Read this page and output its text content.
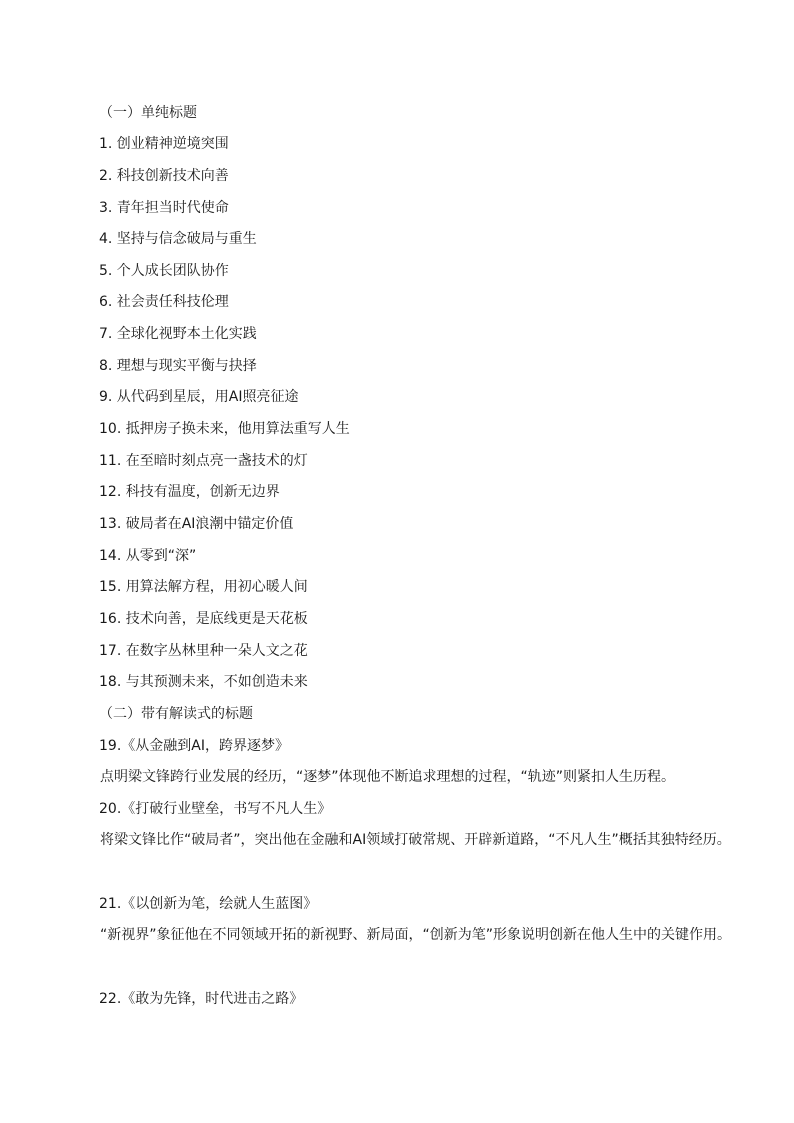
（一）单纯标题
1. 创业精神逆境突围
2. 科技创新技术向善
3. 青年担当时代使命
4. 坚持与信念破局与重生
5. 个人成长团队协作
6. 社会责任科技伦理
7. 全球化视野本土化实践
8. 理想与现实平衡与抉择
9. 从代码到星辰，用AI照亮征途
10. 抵押房子换未来，他用算法重写人生
11. 在至暗时刻点亮一盏技术的灯
12. 科技有温度，创新无边界
13. 破局者在AI浪潮中锚定价值
14. 从零到“深”
15. 用算法解方程，用初心暖人间
16. 技术向善，是底线更是天花板
17. 在数字丛林里种一朵人文之花
18. 与其预测未来，不如创造未来
（二）带有解读式的标题
19.《从金融到AI，跨界逐梦》
点明梁文锋跨行业发展的经历，“逐梦”体现他不断追求理想的过程，“轨迹”则紧扣人生历程。
20.《打破行业壁垒，书写不凡人生》
将梁文锋比作“破局者”，突出他在金融和AI领域打破常规、开辟新道路，“不凡人生”概括其独特经历。
21.《以创新为笔，绘就人生蓝图》
“新视界”象征他在不同领域开拓的新视野、新局面，“创新为笔”形象说明创新在他人生中的关键作用。
22.《敢为先锋，时代进击之路》
